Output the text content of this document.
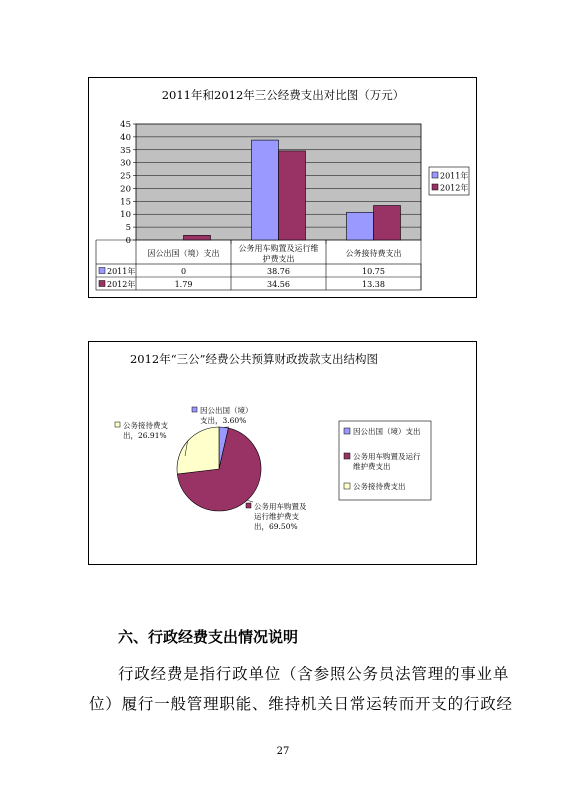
2011年和2012年三公经费支出对比图（万元）
0
5
10
15
20
25
30
35
40
45
因公出国（境）支出
公务用车购置及运行维
护费支出
公务接待费支出
2011年	0	38.76	10.75
2012年	1.79	34.56	13.38
2011年
2012年
2012年“三公”经费公共预算财政拨款支出结构图
因公出国（境）
支出，3.60%
公务用车购置及
运行维护费支
出，69.50%
公务接待费支
出，26.91%	因公出国（境）支出
公务用车购置及运行
维护费支出
公务接待费支出
六、行政经费支出情况说明
行政经费是指行政单位（含参照公务员法管理的事业单
位）履行一般管理职能、维持机关日常运转而开支的行政经
27
